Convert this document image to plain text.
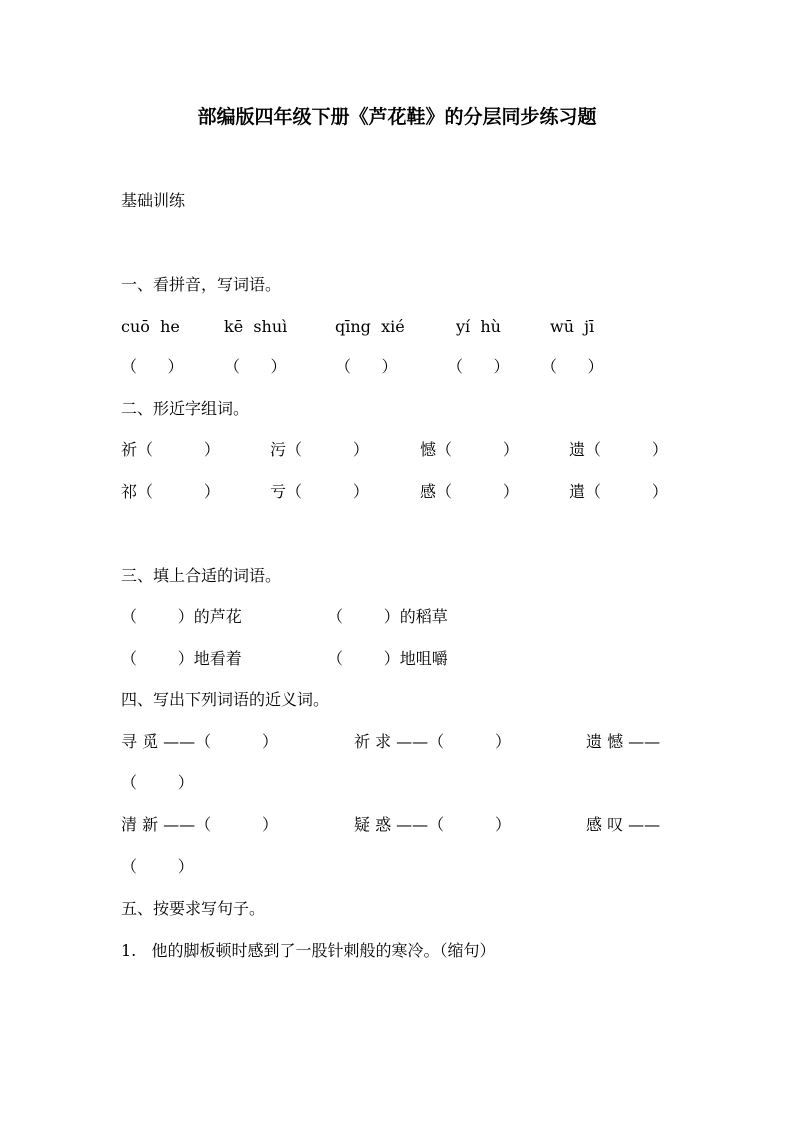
部编版四年级下册《芦花鞋》的分层同步练习题
基础训练
一、看拼音，写词语。
cuō  he	kē  shuì	qīng  xié	yí  hù	wū  jī
（      ）	（      ）	（      ）	（      ） （      ）
二、形近字组词。
祈（          ）	污（          ）	憾（          ）	遗（          ）
祁（          ）	亏（          ）	感（          ）	遣（          ）
三、填上合适的词语。
（        ）的芦花	（        ）的稻草
（        ）地看着	（        ）地咀嚼
四、写出下列词语的近义词。
寻 觅 ——（          ）	祈 求 ——（          ）	遗 憾 ——
（        ）
清 新 ——（          ）	疑 惑 ——（          ）	感 叹 ——
（        ）
五、按要求写句子。
1.   他的脚板顿时感到了一股针刺般的寒冷。（缩句）
